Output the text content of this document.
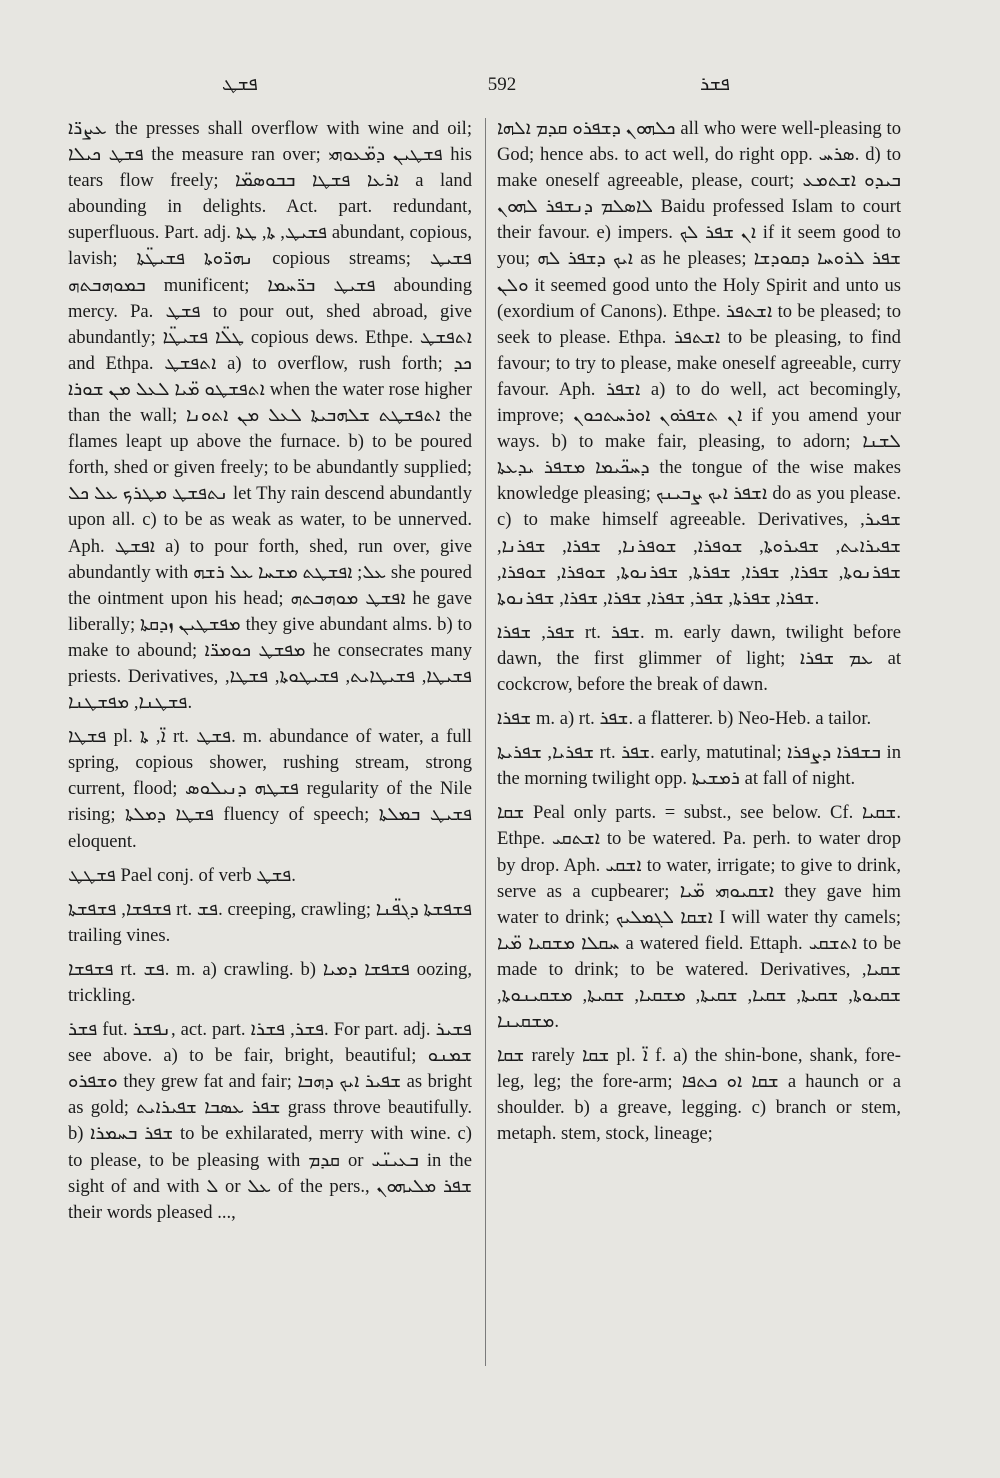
ܦܫܛ	592	ܦܫܪ

ܥܨܪ̈ܐ the presses shall overflow with wine and oil; ܦܫܛ ܟܝܠܐ the measure ran over; ܦܫܛܝܢ ܕܡ̈ܥܘܗܝ his tears flow freely; ܐܪܥܐ ܦܫܛܐ ܒܒܘܣܡ̈ܐ a land abounding in delights. Act. part. redundant, superfluous. Part. adj. ܦܫܝܛ, ܬܐ, ܛܬܐ abundant, copious, lavish; ܢܗܪ̈ܘܬܐ ܦܫܝܛ̈ܬܐ copious streams; ܦܫܝܛ ܒܡܘܗܒܬܗ munificent; ܦܫܝܛ ܒܪ̈ܚܡܐ abounding mercy. Pa. ܦܫܛ to pour out, shed abroad, give abundantly; ܛܠ̈ܐ ܦܫܝܛ̈ܐ copious dews. Ethpe. ܐܬܦܫܛ and Ethpa. ܐܬܦܫܛ a) to overflow, rush forth; ܟܕ ܐܬܦܫܛܘ ܡ̈ܝܐ ܠܥܠ ܡܢ ܫܘܪܐ when the water rose higher than the wall; ܐܬܦܫܛܬ ܫܠܗܒܝܬܐ ܠܥܠ ܡܢ ܐܬܘܢܐ the flames leapt up above the furnace. b) to be poured forth, shed or given freely; to be abundantly supplied; ܢܬܦܫܛ ܡܛܪܟ ܥܠ ܟܠ let Thy rain descend abundantly upon all. c) to be as weak as water, to be unnerved. Aph. ܐܦܫܛ a) to pour forth, shed, run over, give abundantly with ܥܠ; ܐܦܫܛܬ ܡܫܚܐ ܥܠ ܪܫܗ she poured the ointment upon his head; ܐܦܫܛ ܡܘܗܒܬܗ he gave liberally; ܡܦܫܛܝܢ ܙܕܩܬܐ they give abundant alms. b) to make to abound; ܡܦܫܛ ܟܘܡܪ̈ܐ he consecrates many priests. Derivatives, ܦܫܝܛܐ, ܦܫܝܛܐܝܬ, ܦܫܝܛܘܬܐ, ܦܫܛܐ, ܦܫܛܢܐ, ܡܦܫܛܢܐ.

ܦܫܛܐ pl. ܐ̈, ܬܐ rt. ܦܫܛ. m. abundance of water, a full spring, copious shower, rushing stream, strong current, flood; ܦܫܛܗ ܕܢܝܠܘܣ regularity of the Nile rising; ܦܫܛܐ ܕܡܠܬܐ fluency of speech; ܦܫܝܛ ܒܡܠܬܐ eloquent.

ܦܫܛܛ Pael conj. of verb ܦܫܛ.

ܦܫܦܫܐ, ܦܫܦܫܬܐ rt. ܦܫ. creeping, crawling; ܦܫܦܫܬܐ ܕܓܦ̈ܢܐ trailing vines.

ܦܫܦܫܐ rt. ܦܫ. m. a) crawling. b) ܦܫܦܫܐ ܕܡܝܐ oozing, trickling.

ܦܫܪ fut. ܢܦܫܪ, act. part. ܦܫܪ, ܦܫܪܐ. For part. adj. ܦܫܝܪ see above. a) to be fair, bright, beautiful; ܫܡܢܘ ܘܫܦܪܘ they grew fat and fair; ܫܦܝܪ ܐܝܟ ܕܗܒܐ as bright as gold; ܫܦܪ ܥܣܒܐ ܫܦܝܪܐܝܬ grass throve beautifully. b) ܫܦܪ ܒܚܡܪܐ to be exhilarated, merry with wine. c) to please, to be pleasing with ܩܕܡ or ܒܥܝܢ̈ܝ in the sight of and with ܠ or ܥܠ of the pers., ܫܦܪ ܡܠܝܗܘܢ their words pleased ...,

ܟܠܗܘܢ ܕܫܦܪܘ ܩܕܡ ܐܠܗܐ all who were well-pleasing to God; hence abs. to act well, do right opp. ܣܪܚ. d) to make oneself agreeable, please, court; ܒܝܕܘ ܐܫܬܡܥ ܠܐܣܠܡ ܕܢܫܦܪ ܠܗܘܢ Baidu professed Islam to court their favour. e) impers. ܐܢ ܫܦܪ ܠܟ if it seem good to you; ܐܝܟ ܕܫܦܪ ܠܗ as he pleases; ܫܦܪ ܠܪܘܚܐ ܕܩܘܕܫܐ ܘܠܢ it seemed good unto the Holy Spirit and unto us (exordium of Canons). Ethpe. ܐܫܬܦܪ to be pleased; to seek to please. Ethpa. ܐܫܬܦܪ to be pleasing, to find favour; to try to please, make oneself agreeable, curry favour. Aph. ܐܫܦܪ a) to do well, act becomingly, improve; ܐܢ ܬܫܦܪܘܢ ܐܘܪܚܬܟܘܢ if you amend your ways. b) to make fair, pleasing, to adorn; ܠܫܢܐ ܕܚܟ̈ܝܡܐ ܡܫܦܪ ܝܕܥܬܐ the tongue of the wise makes knowledge pleasing; ܐܫܦܪ ܐܝܟ ܨܒܝܢܟ do as you please. c) to make himself agreeable. Derivatives, ܫܦܝܪ, ܫܦܝܪܐܝܬ, ܫܦܝܪܘܬܐ, ܫܘܦܪܐ, ܫܘܦܪܢܐ, ܫܦܪܐ, ܫܦܪܢܐ, ܫܦܪܢܘܬܐ, ܫܦܪܐ, ܫܦܪܐ, ܫܦܪܬܐ, ܫܦܪܢܘܬܐ, ܫܘܦܪܐ, ܫܘܦܪܐ, ܫܦܪܐ, ܫܦܪܬܐ, ܫܦܪ, ܫܦܪܐ, ܫܦܪܐ, ܫܦܪܐ, ܫܦܪܢܘܬܐ.

ܫܦܪ, ܫܦܪܐ rt. ܫܦܪ. m. early dawn, twilight before dawn, the first glimmer of light; ܥܡ ܫܦܪܐ at cockcrow, before the break of dawn.

ܫܦܪܐ m. a) rt. ܫܦܪ. a flatterer. b) Neo-Heb. a tailor.

ܫܦܪܝܐ, ܫܦܪܝܬܐ rt. ܫܦܪ. early, matutinal; ܒܫܦܪܐ ܕܨܦܪܐ in the morning twilight opp. ܪܡܫܝܬܐ at fall of night.

ܫܩܐ Peal only parts. = subst., see below. Cf. ܫܩܝܐ. Ethpe. ܐܫܬܩܝ to be watered. Pa. perh. to water drop by drop. Aph. ܐܫܩܝ to water, irrigate; to give to drink, serve as a cupbearer; ܐܫܩܝܘܗܝ ܡ̈ܝܐ they gave him water to drink; ܐܫܩܐ ܠܓܡܠܝܟ I will water thy camels; ܚܩܠܐ ܡܫܩܝܐ ܡ̈ܝܐ a watered field. Ettaph. ܐܬܫܩܝ to be made to drink; to be watered. Derivatives, ܫܩܝܐ, ܫܩܝܘܬܐ, ܫܩܝܬܐ, ܫܩܝܐ, ܫܩܝܬܐ, ܡܫܩܝܐ, ܫܩܝܬܐ, ܡܫܩܝܢܘܬܐ, ܡܫܩܝܢܐ.

ܫܩܐ rarely ܫܩܐ pl. ܐ̈ f. a) the shin-bone, shank, fore-leg, leg; the fore-arm; ܫܩܐ ܐܘ ܟܬܦܐ a haunch or a shoulder. b) a greave, legging. c) branch or stem, metaph. stem, stock, lineage;
